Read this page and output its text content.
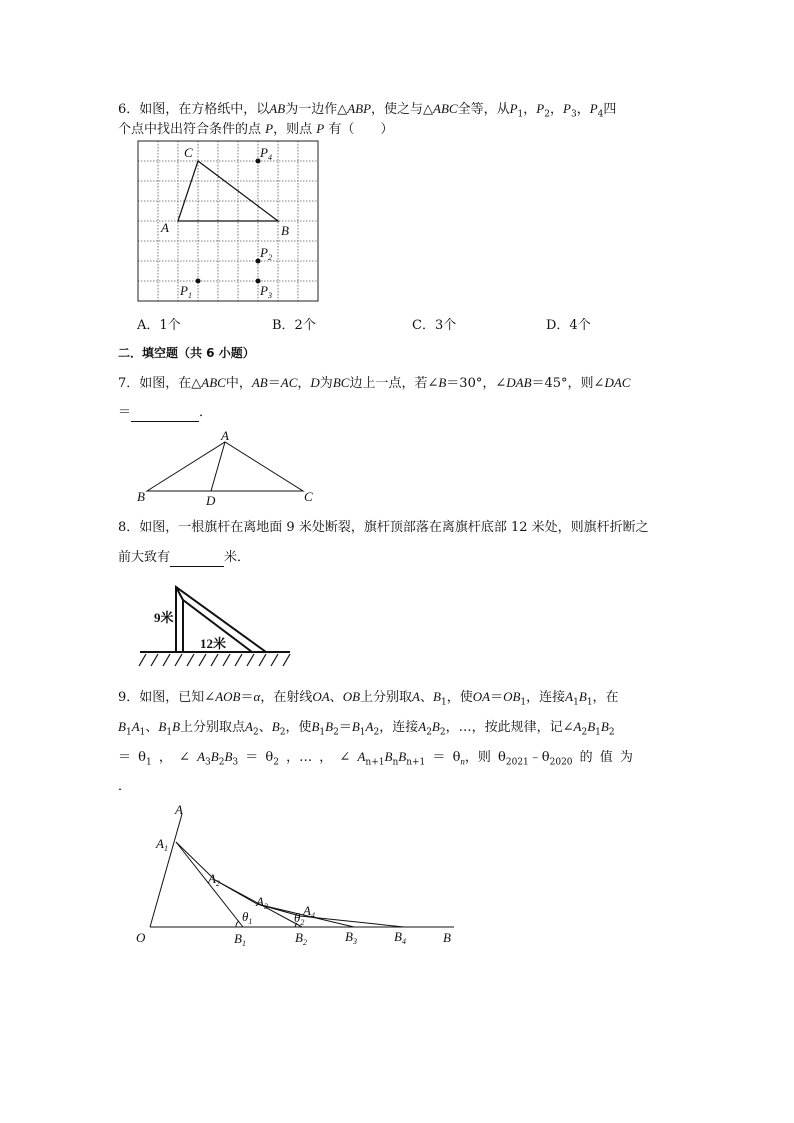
6．如图，在方格纸中，以AB为一边作△ABP，使之与△ABC全等，从$P_1$，$P_2$，$P_3$，$P_4$四
个点中找出符合条件的点 P，则点 P 有（　　）
C
A	B
$P_4$
$P_2$
$P_1$	$P_3$
A．1个	B．2个	C．3个	D．4个
二．填空题（共 6 小题）
7．如图，在△ABC中，AB＝AC，D为BC边上一点，若∠B＝30°，∠DAB＝45°，则∠DAC
＝	．
A
B	C
D
8．如图，一根旗杆在离地面 9 米处断裂，旗杆顶部落在离旗杆底部 12 米处，则旗杆折断之
前大致有	米．
9米
12米
9．如图，已知∠AOB＝α，在射线OA、OB上分别取A、$B_1$，使$OA=OB_1$，连接$A_1B_1$，在
$B_1A_1$、$B_1B$上分别取点$A_2$、$B_2$，使$B_1B_2=B_1A_2$，连接$A_2B_2$，…，按此规律，记$\angle A_2B_1B_2$
＝ $\theta_1$ ， ∠ $A_3B_2B_3 = \theta_2$ ，… ， ∠ $A_{n+1}B_nB_{n+1} = \theta_n$，则 $\theta_{2021}﹣\theta_{2020}$ 的 值 为
．
A
$A_1$
$A_2$
$A_3$	$A_4$
O	$B_1$	$B_2$	$B_3$	$B_4$	B
$\theta_1$	$\theta_2$
